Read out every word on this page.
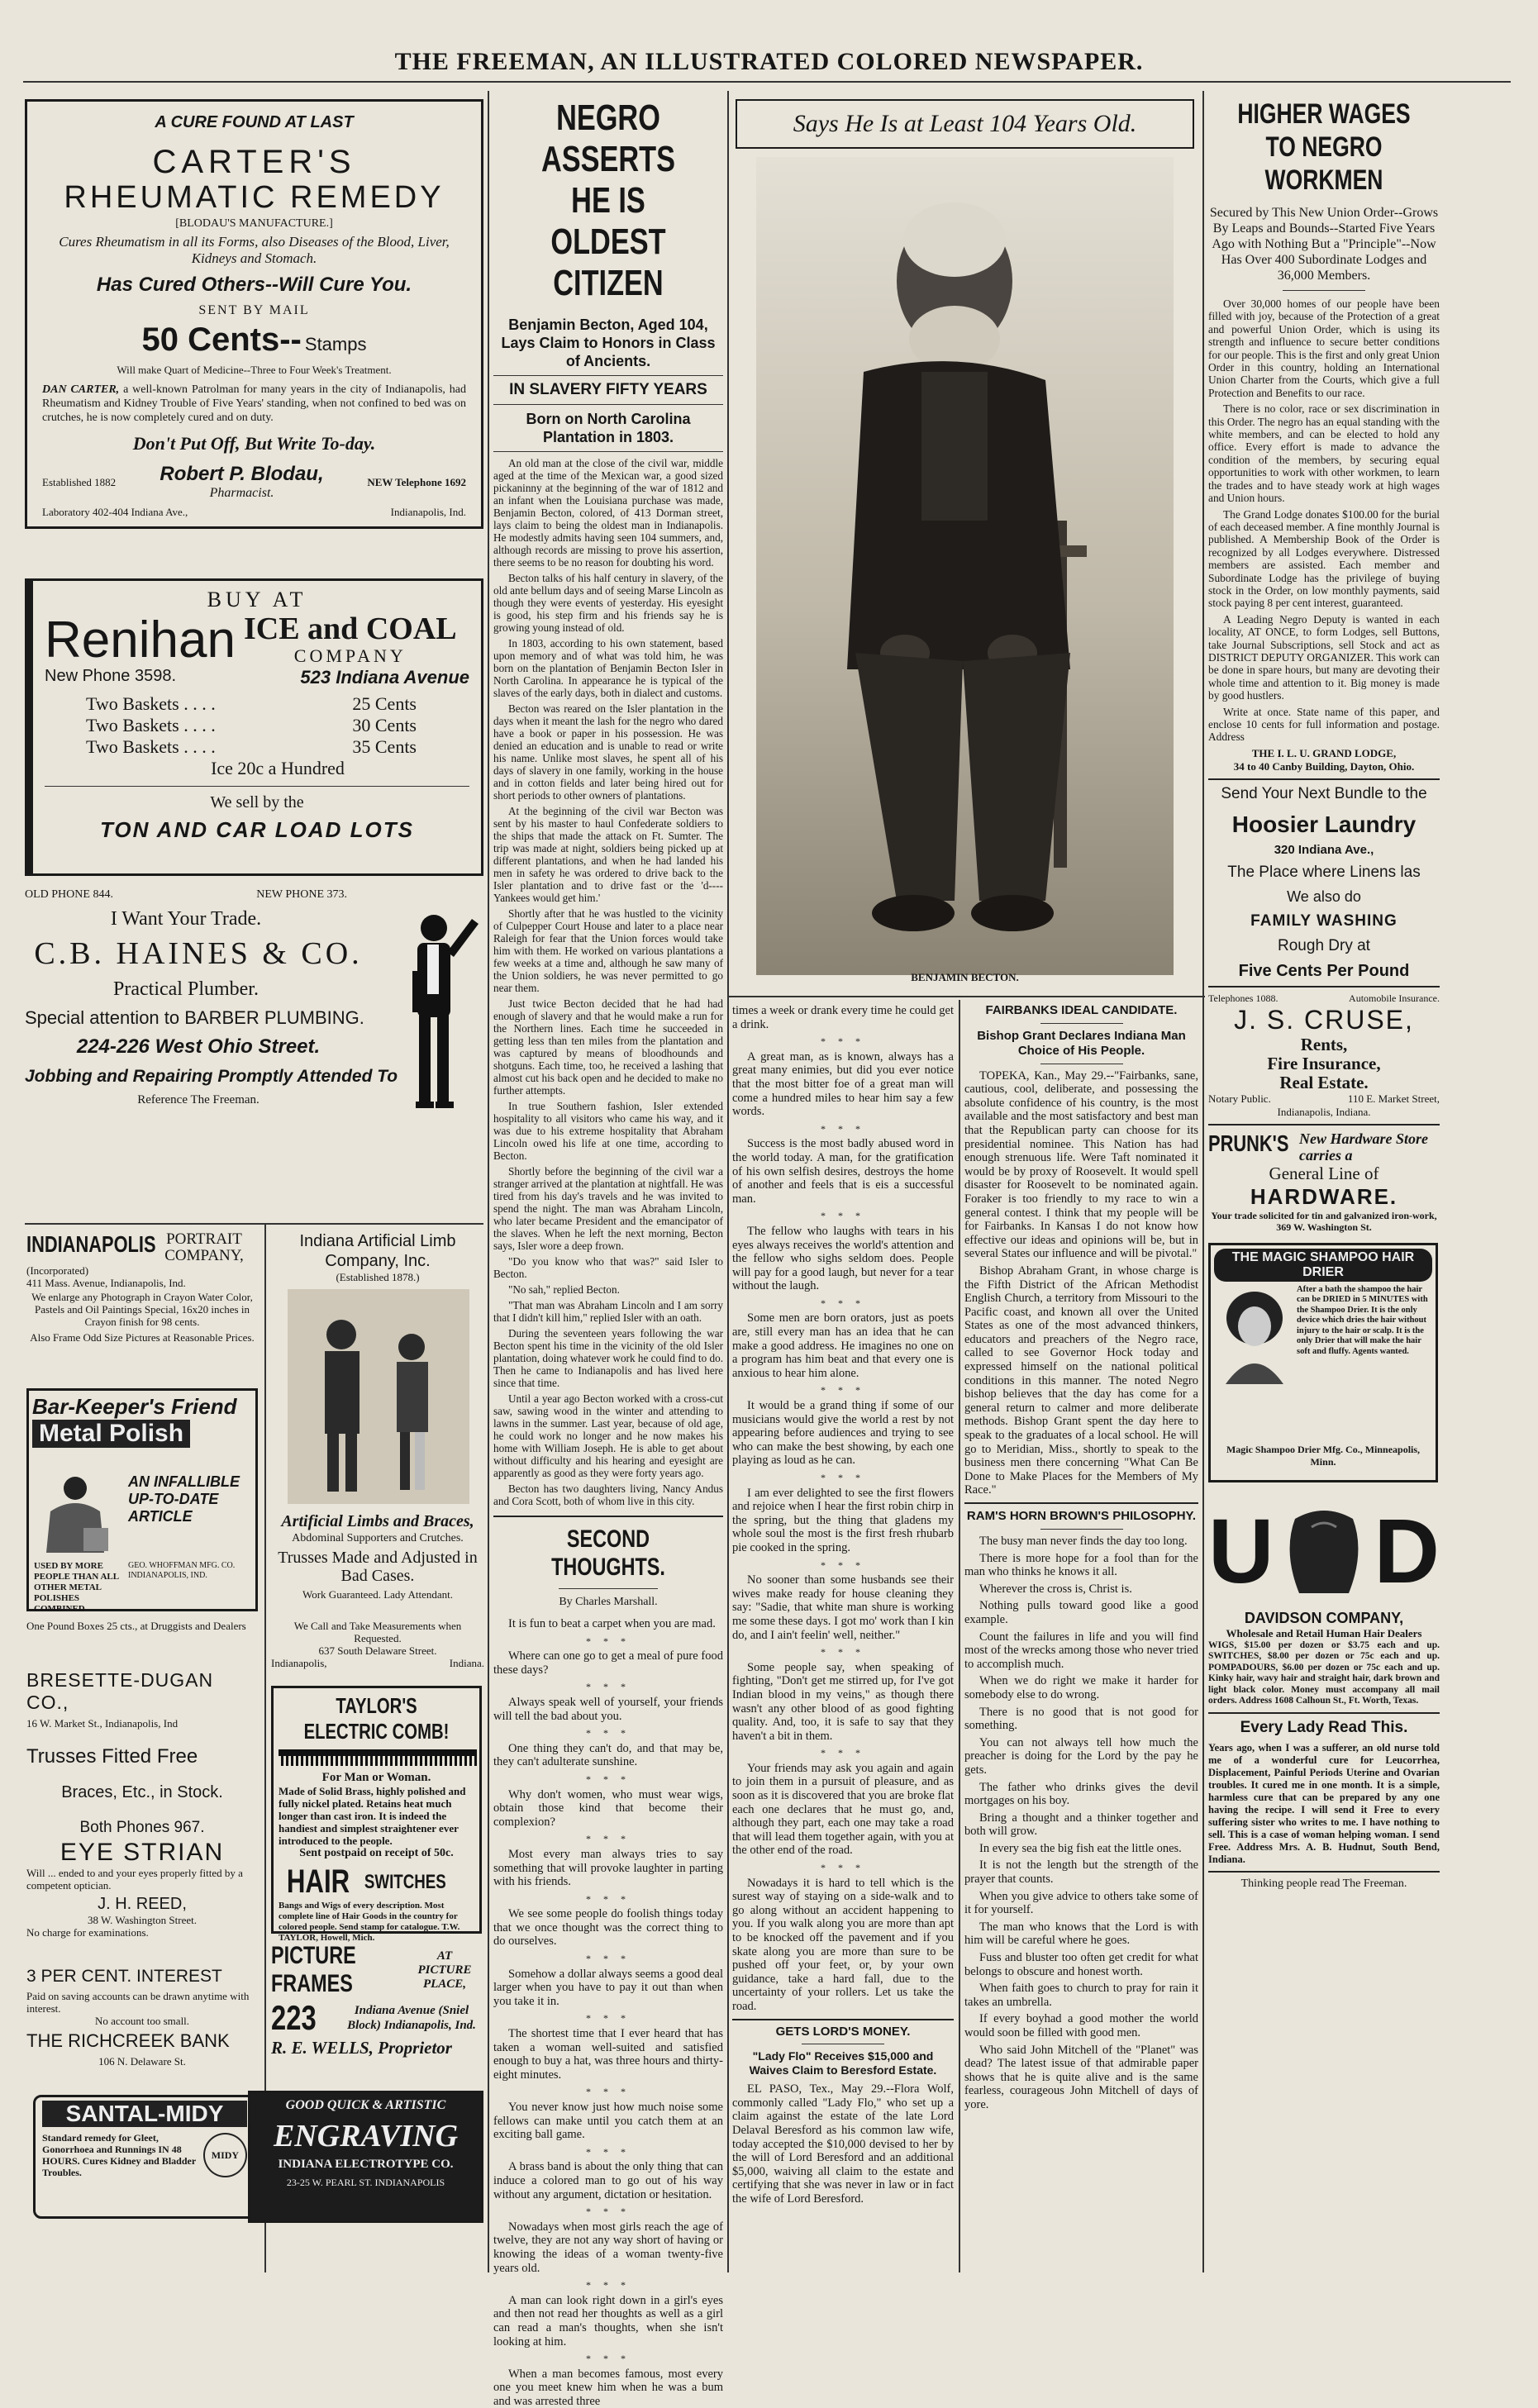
THE FREEMAN, AN ILLUSTRATED COLORED NEWSPAPER.
A CURE FOUND AT LAST
CARTER'S
RHEUMATIC REMEDY
[BLODAU'S MANUFACTURE.]
Cures Rheumatism in all its Forms, also Diseases of the Blood, Liver, Kidneys and Stomach.
Has Cured Others--Will Cure You.
SENT BY MAIL
50 Cents-- Stamps
Will make Quart of Medicine--Three to Four Week's Treatment.
DAN CARTER, a well-known Patrolman for many years in the city of Indianapolis, had Rheumatism and Kidney Trouble of Five Years' standing, when not confined to bed was on crutches, he is now completely cured and on duty.
Don't Put Off, But Write To-day.
Established 1882 Robert P. Blodau,
Pharmacist.
NEW Telephone 1692
Laboratory 402-404 Indiana Ave.,	Indianapolis, Ind.
BUY AT
Renihan ICE and COAL
COMPANY
New Phone 3598.	523 Indiana Avenue
Two Baskets . . . .	25 Cents
Two Baskets . . . .	30 Cents
Two Baskets . . . .	35 Cents
Ice 20c a Hundred
We sell by the
TON AND CAR LOAD LOTS
OLD PHONE 844.	NEW PHONE 373.
I Want Your Trade.
C.B. HAINES & CO.
Practical Plumber.
Special attention to BARBER PLUMBING.
224-226 West Ohio Street.
Jobbing and Repairing Promptly Attended To
Reference The Freeman.
INDIANAPOLIS PORTRAIT COMPANY,
(Incorporated)
411 Mass. Avenue, Indianapolis, Ind.
We enlarge any Photograph in Crayon Water Color, Pastels and Oil Paintings Special, 16x20 inches in Crayon finish for 98 cents.
Also Frame Odd Size Pictures at Reasonable Prices.
Bar-Keeper's Friend
Metal Polish
AN INFALLIBLE UP-TO-DATE ARTICLE
USED BY MORE PEOPLE THAN ALL OTHER METAL POLISHES COMBINED
GEO. WHOFFMAN MFG. CO. INDIANAPOLIS, IND.
One Pound Boxes 25 cts., at Druggists and Dealers
BRESETTE-DUGAN CO.,
16 W. Market St., Indianapolis, Ind
Trusses Fitted Free
Braces, Etc., in Stock.
Both Phones 967.
EYE STRIAN
Will ... ended to and your eyes properly fitted by a competent optician.
J. H. REED,
38 W. Washington Street.
No charge for examinations.
3 PER CENT. INTEREST
Paid on saving accounts can be drawn anytime with interest.
No account too small.
THE RICHCREEK BANK
106 N. Delaware St.
SANTAL-MIDY
Standard remedy for Gleet, Gonorrhoea and Runnings IN 48 HOURS. Cures Kidney and Bladder Troubles.
MIDY
Indiana Artificial Limb Company, Inc.
(Established 1878.)
Artificial Limbs and Braces,
Abdominal Supporters and Crutches.
Trusses Made and Adjusted in Bad Cases.
Work Guaranteed. Lady Attendant.
We Call and Take Measurements when Requested.
637 South Delaware Street.
Indianapolis,	Indiana.
TAYLOR'S ELECTRIC COMB!
For Man or Woman.
Made of Solid Brass, highly polished and fully nickel plated. Retains heat much longer than cast iron. It is indeed the handiest and simplest straightener ever introduced to the people.
Sent postpaid on receipt of 50c.
HAIR SWITCHES
Bangs and Wigs of every description. Most complete line of Hair Goods in the country for colored people. Send stamp for catalogue. T.W. TAYLOR, Howell, Mich.
PICTURE FRAMES
AT PICTURE PLACE,
223	Indiana Avenue (Sniel Block) Indianapolis, Ind.
R. E. WELLS, Proprietor
GOOD QUICK & ARTISTIC
ENGRAVING
INDIANA ELECTROTYPE CO.
23-25 W. PEARL ST. INDIANAPOLIS
NEGRO ASSERTS HE IS OLDEST CITIZEN
Benjamin Becton, Aged 104, Lays Claim to Honors in Class of Ancients.
IN SLAVERY FIFTY YEARS
Born on North Carolina Plantation in 1803.

An old man at the close of the civil war, middle aged at the time of the Mexican war, a good sized pickaninny at the beginning of the war of 1812 and an infant when the Louisiana purchase was made, Benjamin Becton, colored, of 413 Dorman street, lays claim to being the oldest man in Indianapolis. He modestly admits having seen 104 summers, and, although records are missing to prove his assertion, there seems to be no reason for doubting his word.

Becton talks of his half century in slavery, of the old ante bellum days and of seeing Marse Lincoln as though they were events of yesterday. His eyesight is good, his step firm and his friends say he is growing young instead of old.

In 1803, according to his own statement, based upon memory and of what was told him, he was born on the plantation of Benjamin Becton Isler in North Carolina. In appearance he is typical of the slaves of the early days, both in dialect and customs.

Becton was reared on the Isler plantation in the days when it meant the lash for the negro who dared have a book or paper in his possession. He was denied an education and is unable to read or write his name. Unlike most slaves, he spent all of his days of slavery in one family, working in the house and in cotton fields and later being hired out for short periods to other owners of plantations.

At the beginning of the civil war Becton was sent by his master to haul Confederate soldiers to the ships that made the attack on Ft. Sumter. The trip was made at night, soldiers being picked up at different plantations, and when he had landed his men in safety he was ordered to drive back to the Isler plantation and to drive fast or the 'd---- Yankees would get him.'

Shortly after that he was hustled to the vicinity of Culpepper Court House and later to a place near Raleigh for fear that the Union forces would take him with them. He worked on various plantations a few weeks at a time and, although he saw many of the Union soldiers, he was never permitted to go near them.

Just twice Becton decided that he had had enough of slavery and that he would make a run for the Northern lines. Each time he succeeded in getting less than ten miles from the plantation and was captured by means of bloodhounds and shotguns. Each time, too, he received a lashing that almost cut his back open and he decided to make no further attempts.

In true Southern fashion, Isler extended hospitality to all visitors who came his way, and it was due to his extreme hospitality that Abraham Lincoln owed his life at one time, according to Becton.

Shortly before the beginning of the civil war a stranger arrived at the plantation at nightfall. He was tired from his day's travels and he was invited to spend the night. The man was Abraham Lincoln, who later became President and the emancipator of the slaves. When he left the next morning, Becton says, Isler wore a deep frown.

"Do you know who that was?" said Isler to Becton.

"No sah," replied Becton.

"That man was Abraham Lincoln and I am sorry that I didn't kill him," replied Isler with an oath.

During the seventeen years following the war Becton spent his time in the vicinity of the old Isler plantation, doing whatever work he could find to do. Then he came to Indianapolis and has lived here since that time.

Until a year ago Becton worked with a cross-cut saw, sawing wood in the winter and attending to lawns in the summer. Last year, because of old age, he could work no longer and he now makes his home with William Joseph. He is able to get about without difficulty and his hearing and eyesight are apparently as good as they were forty years ago.

Becton has two daughters living, Nancy Andus and Cora Scott, both of whom live in this city.

SECOND THOUGHTS.
By Charles Marshall.

It is fun to beat a carpet when you are mad.

* * *

Where can one go to get a meal of pure food these days?

* * *

Always speak well of yourself, your friends will tell the bad about you.

* * *

One thing they can't do, and that may be, they can't adulterate sunshine.

* * *

Why don't women, who must wear wigs, obtain those kind that become their complexion?

* * *

Most every man always tries to say something that will provoke laughter in parting with his friends.

* * *

We see some people do foolish things today that we once thought was the correct thing to do ourselves.

* * *

Somehow a dollar always seems a good deal larger when you have to pay it out than when you take it in.

* * *

The shortest time that I ever heard that has taken a woman well-suited and satisfied enough to buy a hat, was three hours and thirty-eight minutes.

* * *

You never know just how much noise some fellows can make until you catch them at an exciting ball game.

* * *

A brass band is about the only thing that can induce a colored man to go out of his way without any argument, dictation or hesitation.

* * *

Nowadays when most girls reach the age of twelve, they are not any way short of having or knowing the ideas of a woman twenty-five years old.

* * *

A man can look right down in a girl's eyes and then not read her thoughts as well as a girl can read a man's thoughts, when she isn't looking at him.

* * *

When a man becomes famous, most every one you meet knew him when he was a bum and was arrested three

Says He Is at Least 104 Years Old.
BENJAMIN BECTON.

times a week or drank every time he could get a drink.

* * *

A great man, as is known, always has a great many enimies, but did you ever notice that the most bitter foe of a great man will come a hundred miles to hear him say a few words.

* * *

Success is the most badly abused word in the world today. A man, for the gratification of his own selfish desires, destroys the home of another and feels that is eis a successful man.

* * *

The fellow who laughs with tears in his eyes always receives the world's attention and the fellow who sighs seldom does. People will pay for a good laugh, but never for a tear without the laugh.

* * *

Some men are born orators, just as poets are, still every man has an idea that he can make a good address. He imagines no one on a program has him beat and that every one is anxious to hear him alone.

* * *

It would be a grand thing if some of our musicians would give the world a rest by not appearing before audiences and trying to see who can make the best showing, by each one playing as loud as he can.

* * *

I am ever delighted to see the first flowers and rejoice when I hear the first robin chirp in the spring, but the thing that gladens my whole soul the most is the first fresh rhubarb pie cooked in the spring.

* * *

No sooner than some husbands see their wives make ready for house cleaning they say: "Sadie, that white man shure is working me some these days. I got mo' work than I kin do, and I ain't feelin' well, neither."

* * *

Some people say, when speaking of fighting, "Don't get me stirred up, for I've got Indian blood in my veins," as though there wasn't any other blood of as good fighting quality. And, too, it is safe to say that they haven't a bit in them.

* * *

Your friends may ask you again and again to join them in a pursuit of pleasure, and as soon as it is discovered that you are broke flat each one declares that he must go, and, although they part, each one may take a road that will lead them together again, with you at the other end of the road.

* * *

Nowadays it is hard to tell which is the surest way of staying on a side-walk and to go along without an accident happening to you. If you walk along you are more than apt to be knocked off the pavement and if you skate along you are more than sure to be pushed off your feet, or, by your own guidance, take a hard fall, due to the uncertainty of your rollers. Let us take the road.

GETS LORD'S MONEY.
"Lady Flo" Receives $15,000 and Waives Claim to Beresford Estate.

EL PASO, Tex., May 29.--Flora Wolf, commonly called "Lady Flo," who set up a claim against the estate of the late Lord Delaval Beresford as his common law wife, today accepted the $10,000 devised to her by the will of Lord Beresford and an additional $5,000, waiving all claim to the estate and certifying that she was never in law or in fact the wife of Lord Beresford.

FAIRBANKS IDEAL CANDIDATE.
Bishop Grant Declares Indiana Man Choice of His People.

TOPEKA, Kan., May 29.--"Fairbanks, sane, cautious, cool, deliberate, and possessing the absolute confidence of his country, is the most available and the most satisfactory and best man that the Republican party can choose for its presidential nominee. This Nation has had enough strenuous life. Were Taft nominated it would be by proxy of Roosevelt. It would spell disaster for Roosevelt to be nominated again. Foraker is too friendly to my race to win a general contest. I think that my people will be for Fairbanks. In Kansas I do not know how effective our ideas and opinions will be, but in several States our influence and will be pivotal."

Bishop Abraham Grant, in whose charge is the Fifth District of the African Methodist English Church, a territory from Missouri to the Pacific coast, and known all over the United States as one of the most advanced thinkers, educators and preachers of the Negro race, called to see Governor Hock today and expressed himself on the national political conditions in this manner. The noted Negro bishop believes that the day has come for a general return to calmer and more deliberate methods. Bishop Grant spent the day here to speak to the graduates of a local school. He will go to Meridian, Miss., shortly to speak to the business men there concerning "What Can Be Done to Make Places for the Members of My Race."

RAM'S HORN BROWN'S PHILOSOPHY.

The busy man never finds the day too long.

There is more hope for a fool than for the man who thinks he knows it all.

Wherever the cross is, Christ is.

Nothing pulls toward good like a good example.

Count the failures in life and you will find most of the wrecks among those who never tried to accomplish much.

When we do right we make it harder for somebody else to do wrong.

There is no good that is not good for something.

You can not always tell how much the preacher is doing for the Lord by the pay he gets.

The father who drinks gives the devil mortgages on his boy.

Bring a thought and a thinker together and both will grow.

In every sea the big fish eat the little ones.

It is not the length but the strength of the prayer that counts.

When you give advice to others take some of it for yourself.

The man who knows that the Lord is with him will be careful where he goes.

Fuss and bluster too often get credit for what belongs to obscure and honest worth.

When faith goes to church to pray for rain it takes an umbrella.

If every boyhad a good mother the world would soon be filled with good men.

Who said John Mitchell of the "Planet" was dead? The latest issue of that admirable paper shows that he is quite alive and is the same fearless, courageous John Mitchell of days of yore.

HIGHER WAGES TO NEGRO WORKMEN
Secured by This New Union Order--Grows By Leaps and Bounds--Started Five Years Ago with Nothing But a "Principle"--Now Has Over 400 Subordinate Lodges and 36,000 Members.

Over 30,000 homes of our people have been filled with joy, because of the Protection of a great and powerful Union Order, which is using its strength and influence to secure better conditions for our people. This is the first and only great Union Order in this country, holding an International Union Charter from the Courts, which give a full Protection and Benefits to our race.

There is no color, race or sex discrimination in this Order. The negro has an equal standing with the white members, and can be elected to hold any office. Every effort is made to advance the condition of the members, by securing equal opportunities to work with other workmen, to learn the trades and to have steady work at high wages and Union hours.

The Grand Lodge donates $100.00 for the burial of each deceased member. A fine monthly Journal is published. A Membership Book of the Order is recognized by all Lodges everywhere. Distressed members are assisted. Each member and Subordinate Lodge has the privilege of buying stock in the Order, on low monthly payments, said stock paying 8 per cent interest, guaranteed.

A Leading Negro Deputy is wanted in each locality, AT ONCE, to form Lodges, sell Buttons, take Journal Subscriptions, sell Stock and act as DISTRICT DEPUTY ORGANIZER. This work can be done in spare hours, but many are devoting their whole time and attention to it. Big money is made by good hustlers.

Write at once. State name of this paper, and enclose 10 cents for full information and postage. Address

THE I. L. U. GRAND LODGE,
34 to 40 Canby Building, Dayton, Ohio.
Send Your Next Bundle to the
Hoosier Laundry
320 Indiana Ave.,
The Place where Linens las
We also do
FAMILY WASHING
Rough Dry at
Five Cents Per Pound
Telephones 1088.	Automobile Insurance.
J. S. CRUSE,
Rents,
Fire Insurance,
Real Estate.
Notary Public.	110 E. Market Street,
Indianapolis, Indiana.
PRUNK'S New Hardware Store carries a
General Line of
HARDWARE.
Your trade solicited for tin and galvanized iron-work, 369 W. Washington St.
THE MAGIC SHAMPOO HAIR DRIER
After a bath the shampoo the hair can be DRIED in 5 MINUTES with the Shampoo Drier. It is the only device which dries the hair without injury to the hair or scalp. It is the only Drier that will make the hair soft and fluffy. Agents wanted.
Magic Shampoo Drier Mfg. Co., Minneapolis, Minn.
U D
DAVIDSON COMPANY,
Wholesale and Retail Human Hair Dealers
WIGS, $15.00 per dozen or $3.75 each and up. SWITCHES, $8.00 per dozen or 75c each and up. POMPADOURS, $6.00 per dozen or 75c each and up. Kinky hair, wavy hair and straight hair, dark brown and light black color. Money must accompany all mail orders. Address 1608 Calhoun St., Ft. Worth, Texas.
Every Lady Read This.
Years ago, when I was a sufferer, an old nurse told me of a wonderful cure for Leucorrhea, Displacement, Painful Periods Uterine and Ovarian troubles. It cured me in one month. It is a simple, harmless cure that can be prepared by any one having the recipe. I will send it Free to every suffering sister who writes to me. I have nothing to sell. This is a case of woman helping woman. I send Free. Address Mrs. A. B. Hudnut, South Bend, Indiana.
Thinking people read The Freeman.
